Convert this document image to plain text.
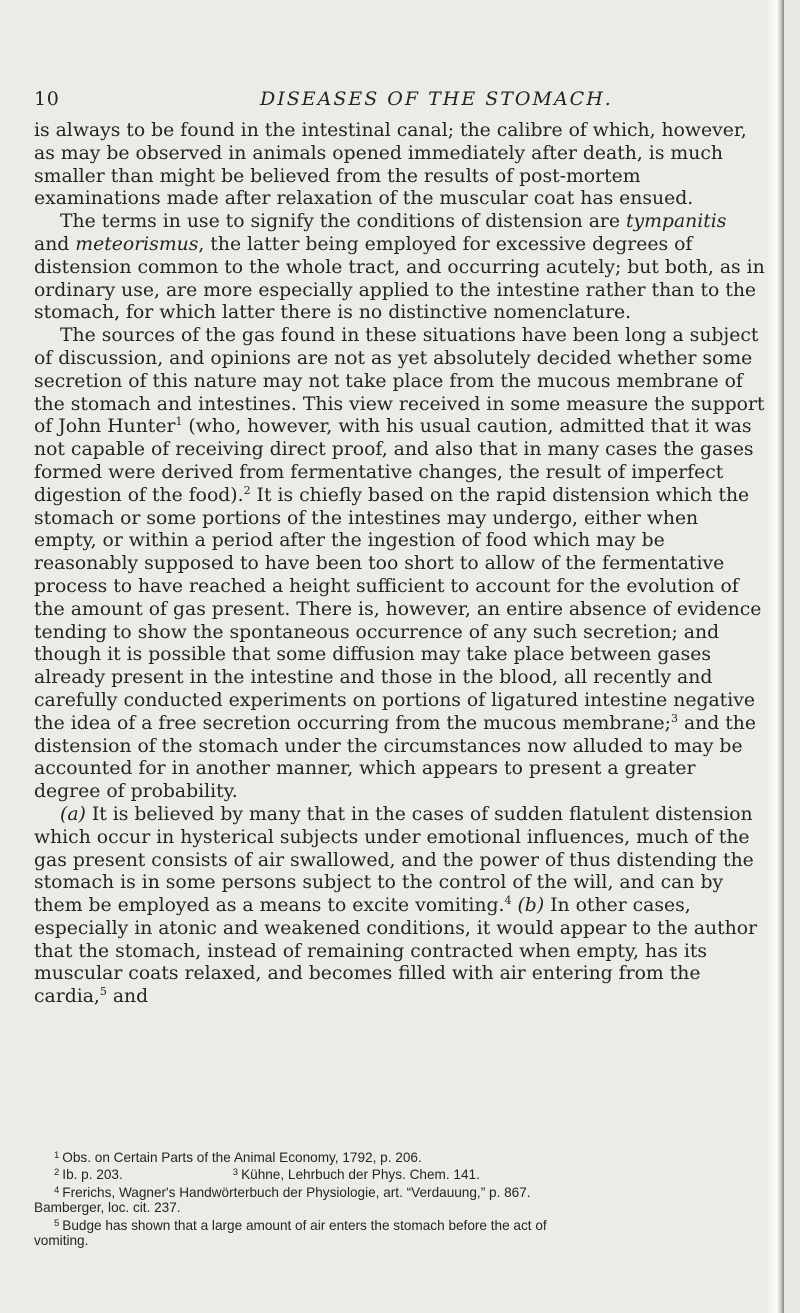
10	DISEASES OF THE STOMACH.

is always to be found in the intestinal canal; the calibre of which, however, as may be observed in animals opened immediately after death, is much smaller than might be believed from the results of post-mortem examinations made after relaxation of the muscular coat has ensued.

The terms in use to signify the conditions of distension are tympanitis and meteorismus, the latter being employed for excessive degrees of distension common to the whole tract, and occurring acutely; but both, as in ordinary use, are more especially applied to the intestine rather than to the stomach, for which latter there is no distinctive nomenclature.

The sources of the gas found in these situations have been long a subject of discussion, and opinions are not as yet absolutely decided whether some secretion of this nature may not take place from the mucous membrane of the stomach and intestines. This view received in some measure the support of John Hunter$^1$ (who, however, with his usual caution, admitted that it was not capable of receiving direct proof, and also that in many cases the gases formed were derived from fermentative changes, the result of imperfect digestion of the food).$^2$ It is chiefly based on the rapid distension which the stomach or some portions of the intestines may undergo, either when empty, or within a period after the ingestion of food which may be reasonably supposed to have been too short to allow of the fermentative process to have reached a height sufficient to account for the evolution of the amount of gas present. There is, however, an entire absence of evidence tending to show the spontaneous occurrence of any such secretion; and though it is possible that some diffusion may take place between gases already present in the intestine and those in the blood, all recently and carefully conducted experiments on portions of ligatured intestine negative the idea of a free secretion occurring from the mucous membrane;$^3$ and the distension of the stomach under the circumstances now alluded to may be accounted for in another manner, which appears to present a greater degree of probability.

(a) It is believed by many that in the cases of sudden flatulent distension which occur in hysterical subjects under emotional influences, much of the gas present consists of air swallowed, and the power of thus distending the stomach is in some persons subject to the control of the will, and can by them be employed as a means to excite vomiting.$^4$ (b) In other cases, especially in atonic and weakened conditions, it would appear to the author that the stomach, instead of remaining contracted when empty, has its muscular coats relaxed, and becomes filled with air entering from the cardia,$^5$ and

$^1$ Obs. on Certain Parts of the Animal Economy, 1792, p. 206.

$^2$ Ib. p. 203.	$^3$ Kühne, Lehrbuch der Phys. Chem. 141.

$^4$ Frerichs, Wagner's Handwörterbuch der Physiologie, art. “Verdauung,” p. 867.

Bamberger, loc. cit. 237.

$^5$ Budge has shown that a large amount of air enters the stomach before the act of

vomiting.
